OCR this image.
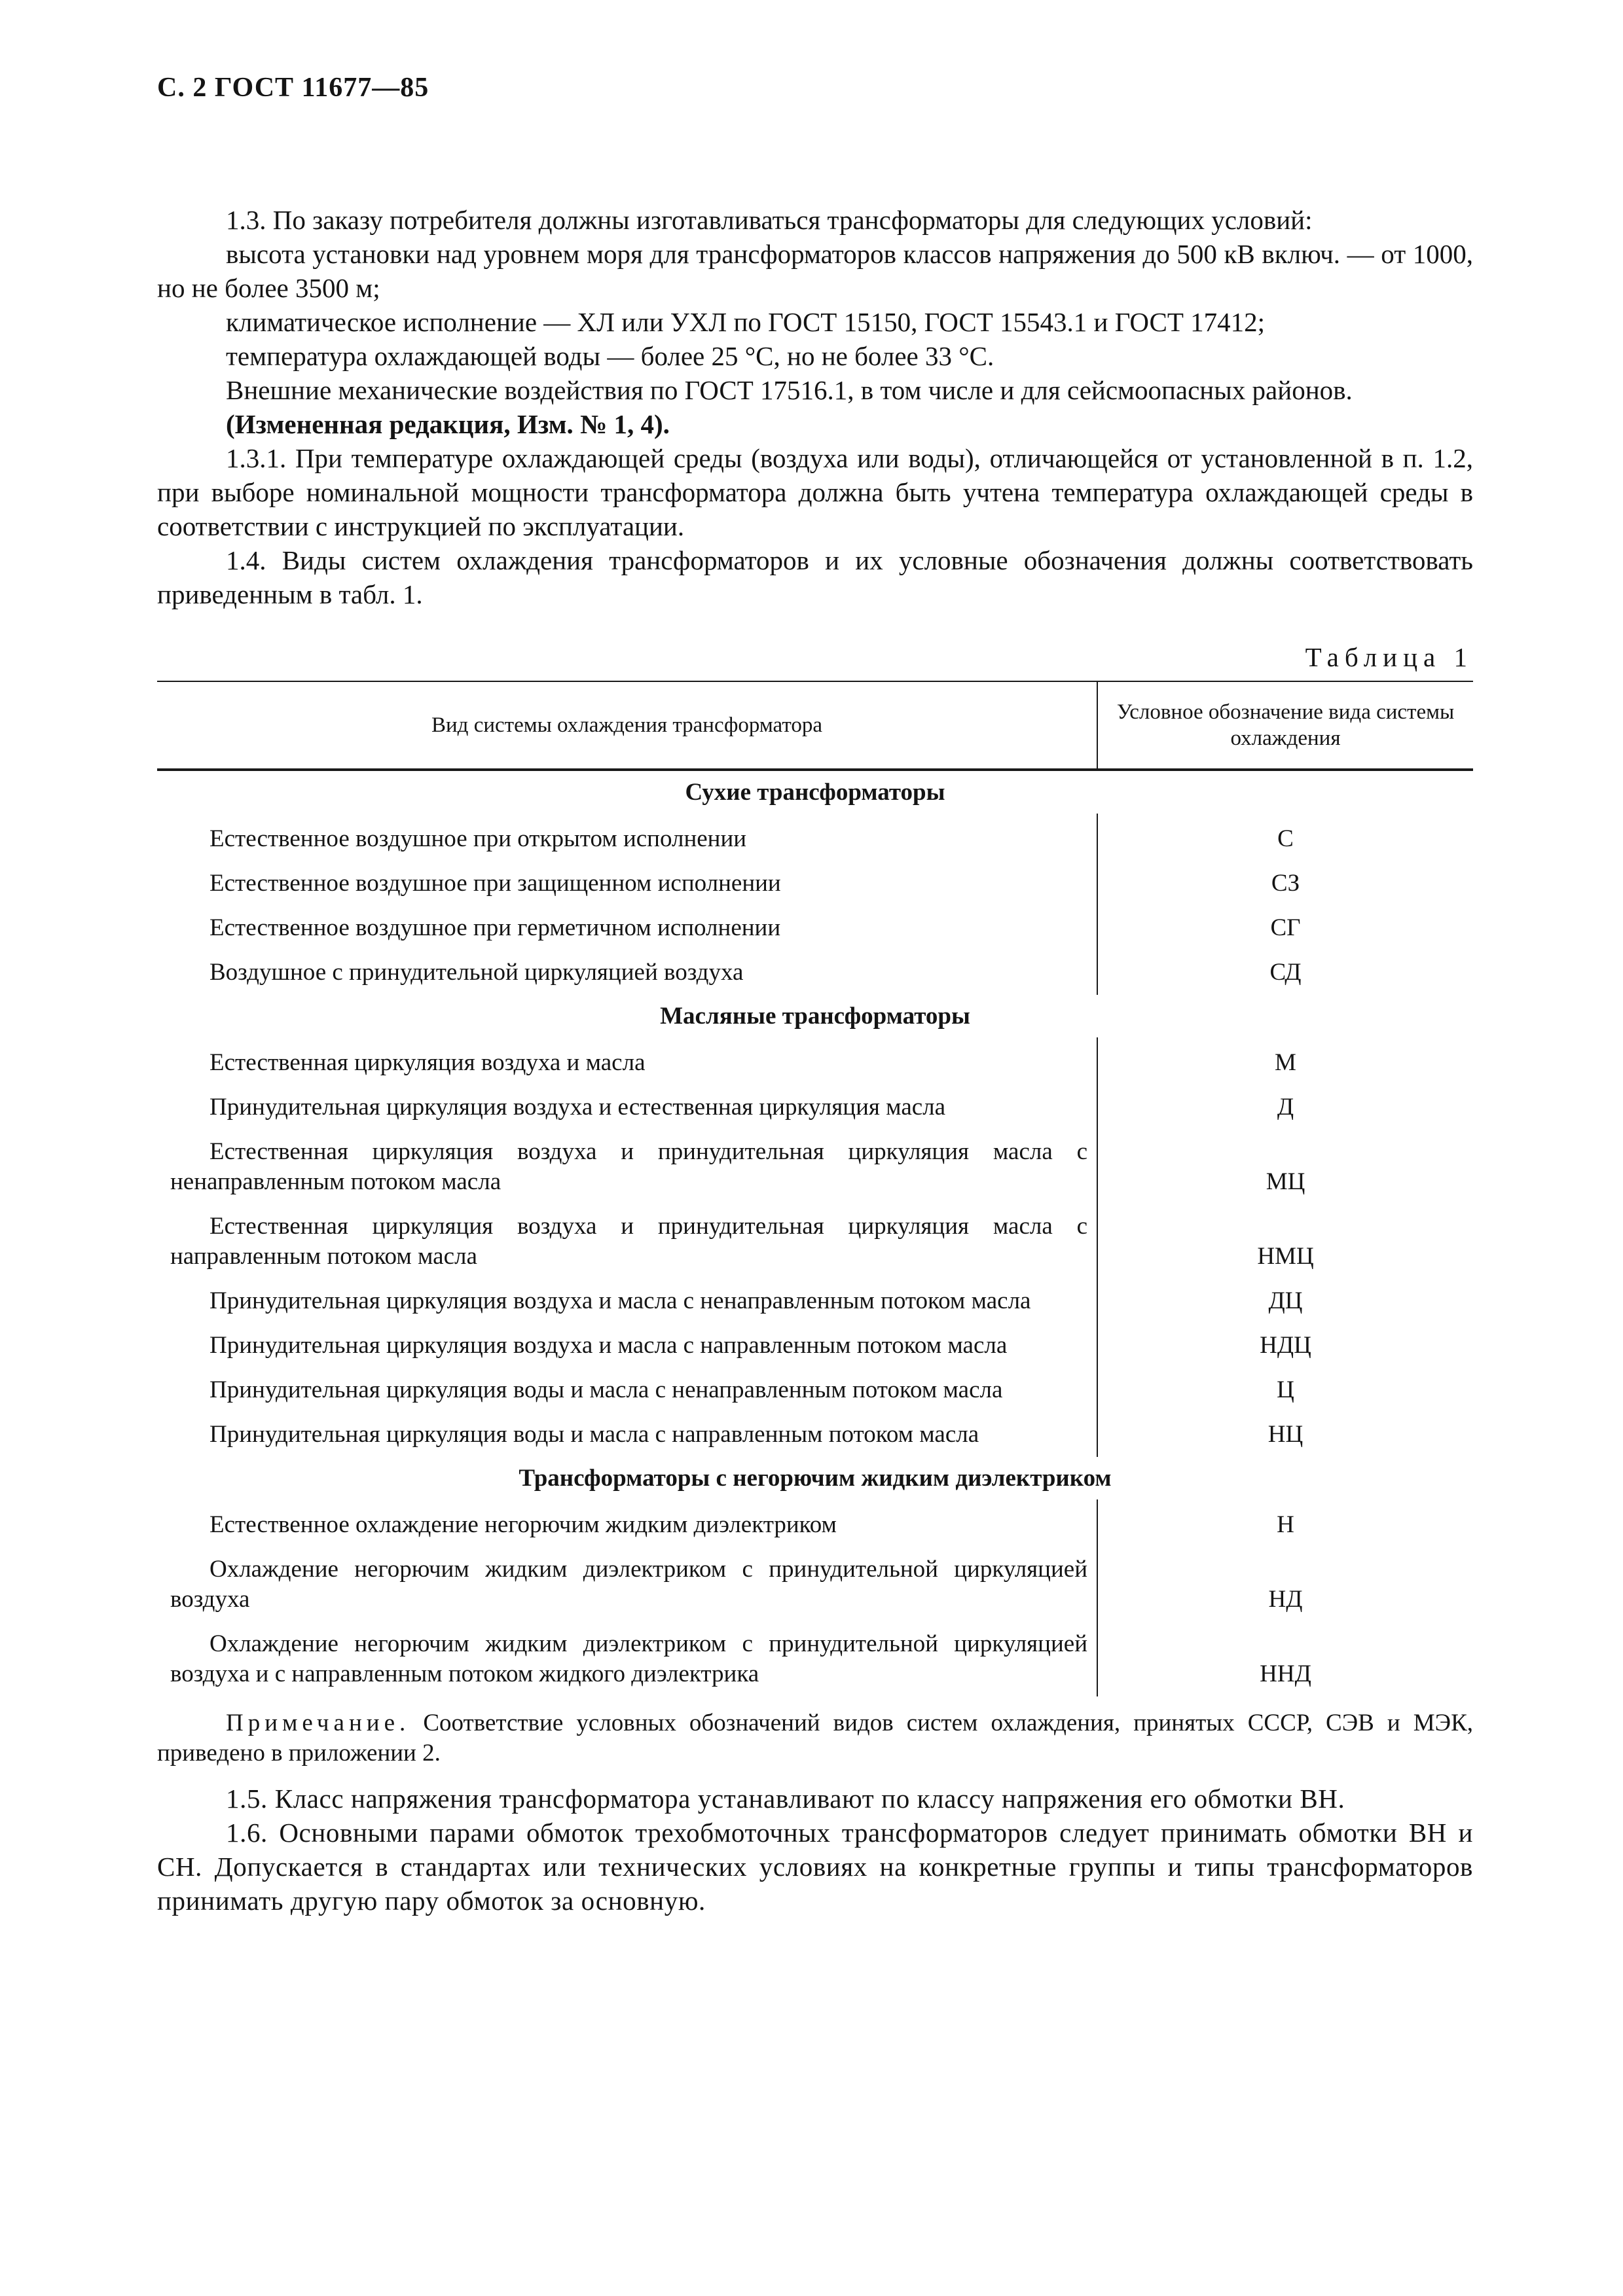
С. 2 ГОСТ 11677—85

1.3. По заказу потребителя должны изготавливаться трансформаторы для следующих условий:

высота установки над уровнем моря для трансформаторов классов напряжения до 500 кВ включ. — от 1000, но не более 3500 м;

климатическое исполнение — ХЛ или УХЛ по ГОСТ 15150, ГОСТ 15543.1 и ГОСТ 17412;

температура охлаждающей воды — более 25 °С, но не более 33 °С.

Внешние механические воздействия по ГОСТ 17516.1, в том числе и для сейсмоопасных районов.

(Измененная редакция, Изм. № 1, 4).

1.3.1. При температуре охлаждающей среды (воздуха или воды), отличающейся от установленной в п. 1.2, при выборе номинальной мощности трансформатора должна быть учтена температура охлаждающей среды в соответствии с инструкцией по эксплуатации.

1.4. Виды систем охлаждения трансформаторов и их условные обозначения должны соответствовать приведенным в табл. 1.

Таблица 1
Вид системы охлаждения трансформатора	Условное обозначение вида системы охлаждения
Сухие трансформаторы	
Естественное воздушное при открытом исполнении	С
Естественное воздушное при защищенном исполнении	СЗ
Естественное воздушное при герметичном исполнении	СГ
Воздушное с принудительной циркуляцией воздуха	СД
Масляные трансформаторы	
Естественная циркуляция воздуха и масла	М
Принудительная циркуляция воздуха и естественная циркуляция масла	Д
Естественная циркуляция воздуха и принудительная циркуляция масла с ненаправленным потоком масла	МЦ
Естественная циркуляция воздуха и принудительная циркуляция масла с направленным потоком масла	НМЦ
Принудительная циркуляция воздуха и масла с ненаправленным потоком масла	ДЦ
Принудительная циркуляция воздуха и масла с направленным потоком масла	НДЦ
Принудительная циркуляция воды и масла с ненаправленным потоком масла	Ц
Принудительная циркуляция воды и масла с направленным потоком масла	НЦ
Трансформаторы с негорючим жидким диэлектриком	
Естественное охлаждение негорючим жидким диэлектриком	Н
Охлаждение негорючим жидким диэлектриком с принудительной циркуляцией воздуха	НД
Охлаждение негорючим жидким диэлектриком с принудительной циркуляцией воздуха и с направленным потоком жидкого диэлектрика	ННД
Примечание. Соответствие условных обозначений видов систем охлаждения, принятых СССР, СЭВ и МЭК, приведено в приложении 2.

1.5. Класс напряжения трансформатора устанавливают по классу напряжения его обмотки ВН.

1.6. Основными парами обмоток трехобмоточных трансформаторов следует принимать обмотки ВН и СН. Допускается в стандартах или технических условиях на конкретные группы и типы трансформаторов принимать другую пару обмоток за основную.
